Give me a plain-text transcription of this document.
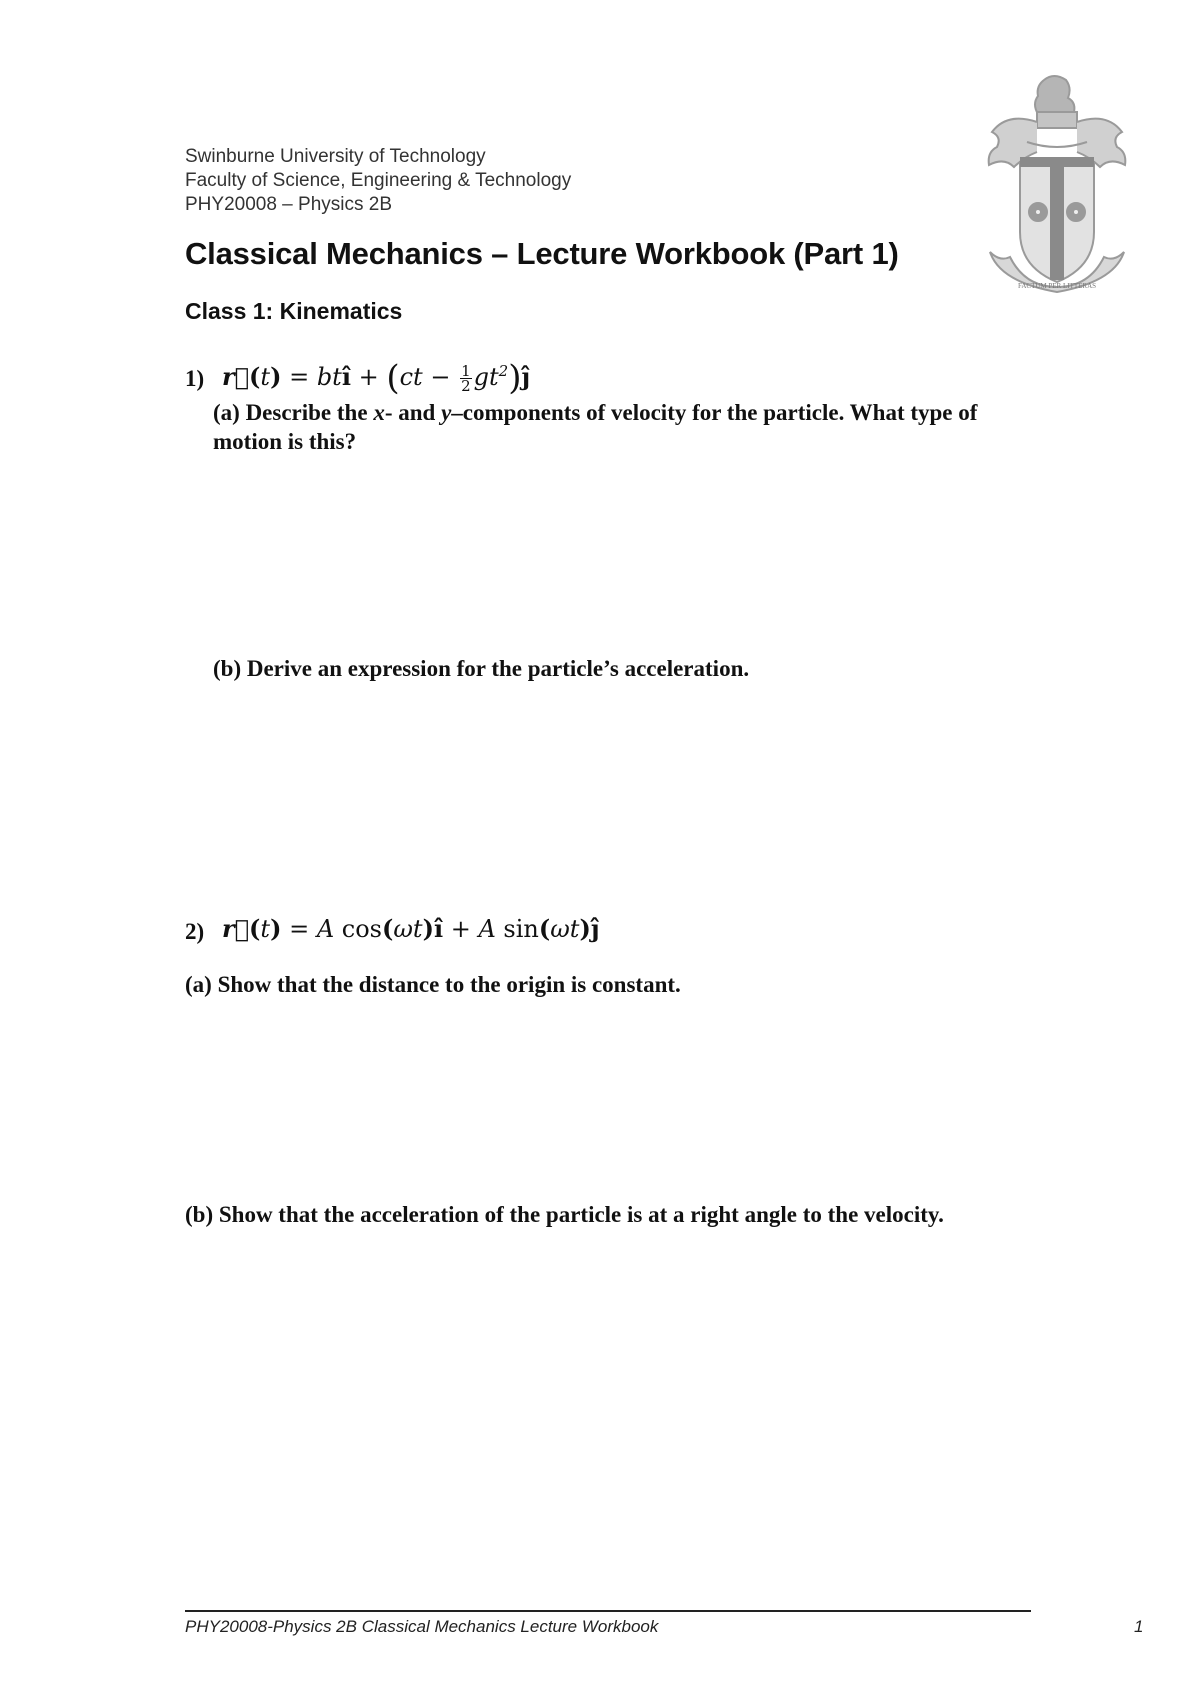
Swinburne University of Technology
Faculty of Science, Engineering & Technology
PHY20008 – Physics 2B
FACTUM PER LITTERAS
Classical Mechanics – Lecture Workbook (Part 1)
Class 1: Kinematics
1) r⃗(t) = btî + ($ct - \frac{1}{2}$ $gt^2)ĵ$
(a) Describe the x- and y–components of velocity for the particle. What type of
motion is this?
(b) Derive an expression for the particle’s acceleration.
2) r⃗(t) = A cos(ωt)î + A sin(ωt)ĵ
(a) Show that the distance to the origin is constant.
(b) Show that the acceleration of the particle is at a right angle to the velocity.
PHY20008-Physics 2B Classical Mechanics Lecture Workbook	1
